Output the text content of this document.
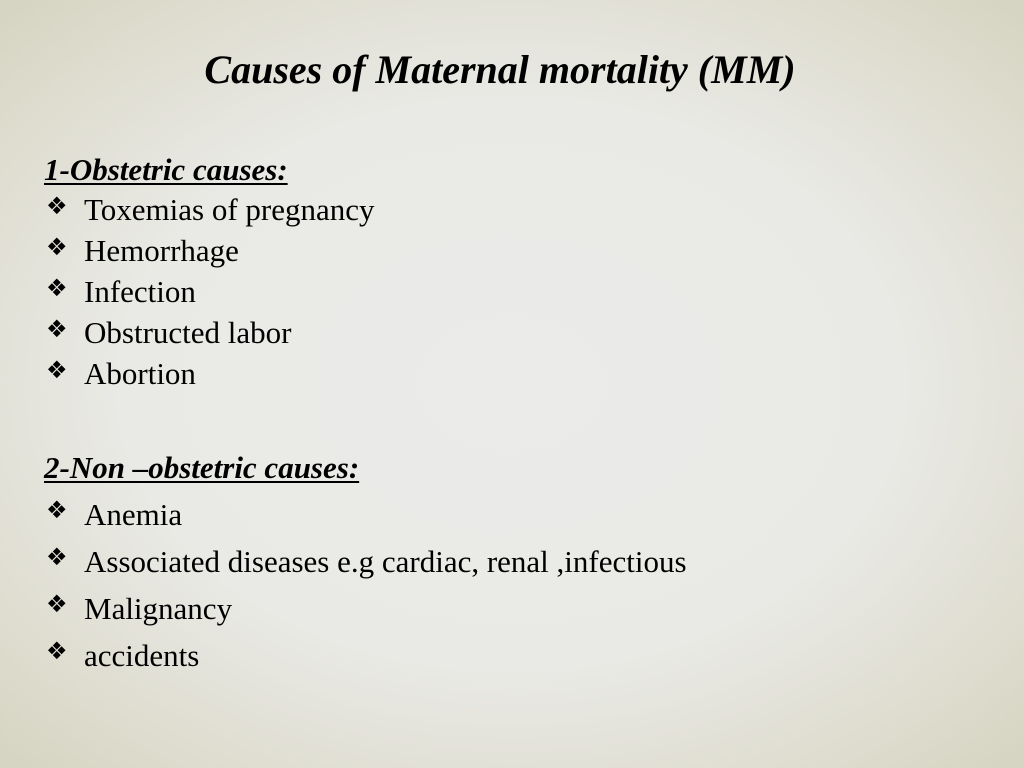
Causes of Maternal mortality (MM)
1-Obstetric causes:
❖ Toxemias of pregnancy
❖ Hemorrhage
❖ Infection
❖ Obstructed labor
❖ Abortion
2-Non –obstetric causes:
❖ Anemia
❖ Associated diseases e.g cardiac, renal ,infectious
❖ Malignancy
❖ accidents
